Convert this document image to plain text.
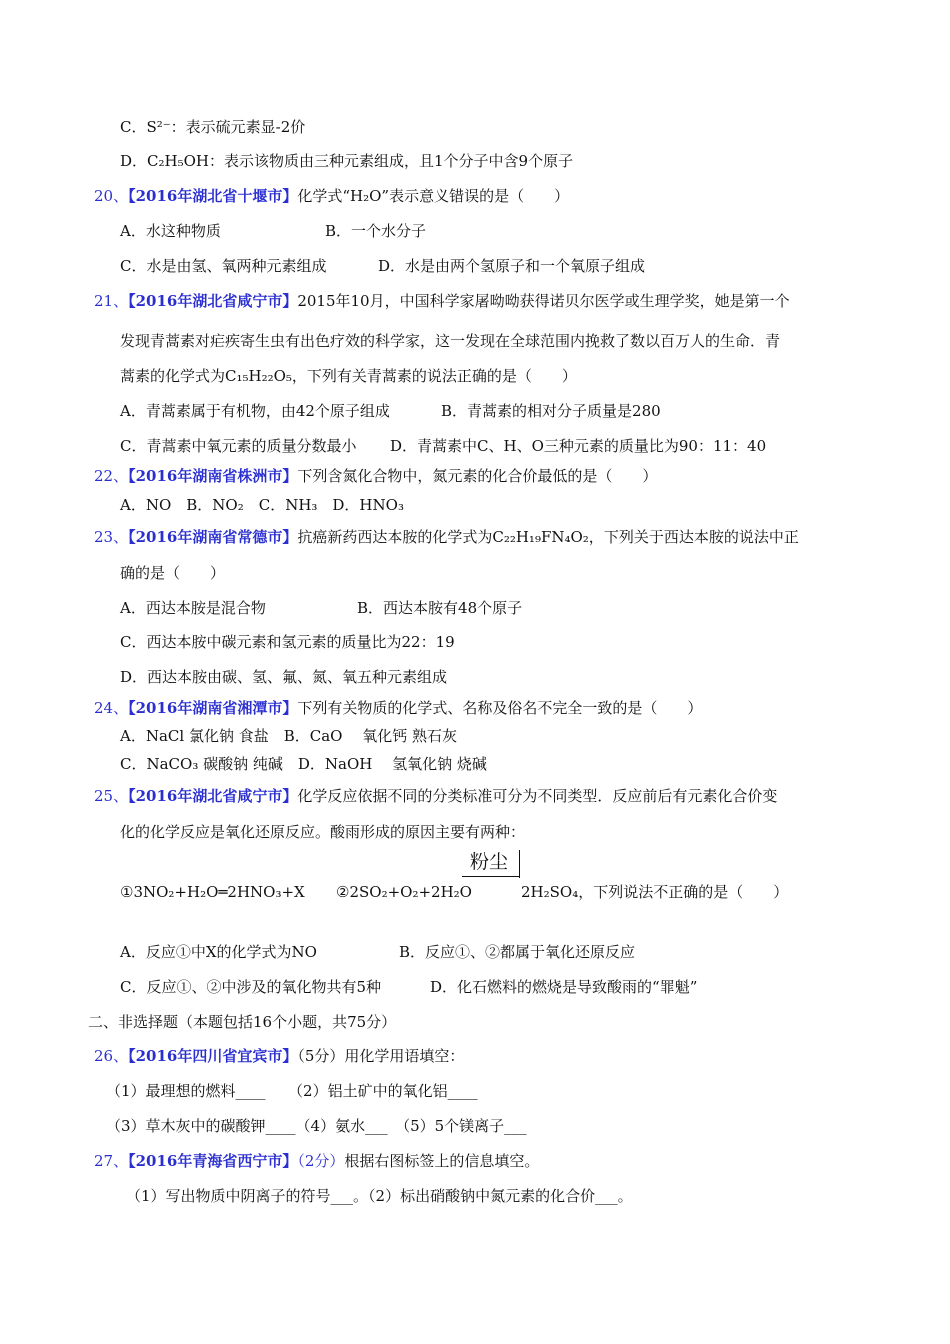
C．S²⁻：表示硫元素显-2价
D．C₂H₅OH：表示该物质由三种元素组成，且1个分子中含9个原子
20、【2016年湖北省十堰市】化学式“H₂O”表示意义错误的是（　　）
A．水这种物质	B．一个水分子
C．水是由氢、氧两种元素组成	D．水是由两个氢原子和一个氧原子组成
21、【2016年湖北省咸宁市】2015年10月，中国科学家屠呦呦获得诺贝尔医学或生理学奖，她是第一个
发现青蒿素对疟疾寄生虫有出色疗效的科学家，这一发现在全球范围内挽救了数以百万人的生命．青
蒿素的化学式为C₁₅H₂₂O₅，下列有关青蒿素的说法正确的是（　　）
A．青蒿素属于有机物，由42个原子组成	B．青蒿素的相对分子质量是280
C．青蒿素中氧元素的质量分数最小 D．青蒿素中C、H、O三种元素的质量比为90：11：40
22、【2016年湖南省株洲市】下列含氮化合物中，氮元素的化合价最低的是（　　）
A．NO　B．NO₂　C．NH₃　D．HNO₃
23、【2016年湖南省常德市】抗癌新药西达本胺的化学式为C₂₂H₁₉FN₄O₂，下列关于西达本胺的说法中正
确的是（　　）
A．西达本胺是混合物	B．西达本胺有48个原子
C．西达本胺中碳元素和氢元素的质量比为22：19
D．西达本胺由碳、氢、氟、氮、氧五种元素组成
24、【2016年湖南省湘潭市】下列有关物质的化学式、名称及俗名不完全一致的是（　　）
A．NaCl 氯化钠 食盐　B．CaO　 氧化钙 熟石灰
C．NaCO₃ 碳酸钠 纯碱　D．NaOH　 氢氧化钠 烧碱
25、【2016年湖北省咸宁市】化学反应依据不同的分类标准可分为不同类型．反应前后有元素化合价变
化的化学反应是氧化还原反应。酸雨形成的原因主要有两种：
粉尘
①3NO₂+H₂O═2HNO₃+X ②2SO₂+O₂+2H₂O	2H₂SO₄，下列说法不正确的是（　　）
A．反应①中X的化学式为NO	B．反应①、②都属于氧化还原反应
C．反应①、②中涉及的氧化物共有5种	D．化石燃料的燃烧是导致酸雨的“罪魁”
二、非选择题（本题包括16个小题，共75分）
26、【2016年四川省宜宾市】（5分）用化学用语填空：
（1）最理想的燃料____　　（2）铝土矿中的氧化铝____
（3）草木灰中的碳酸钾____（4）氨水___　（5）5个镁离子___
27、【2016年青海省西宁市】（2分）根据右图标签上的信息填空。
（1）写出物质中阴离子的符号___。（2）标出硝酸钠中氮元素的化合价___。
